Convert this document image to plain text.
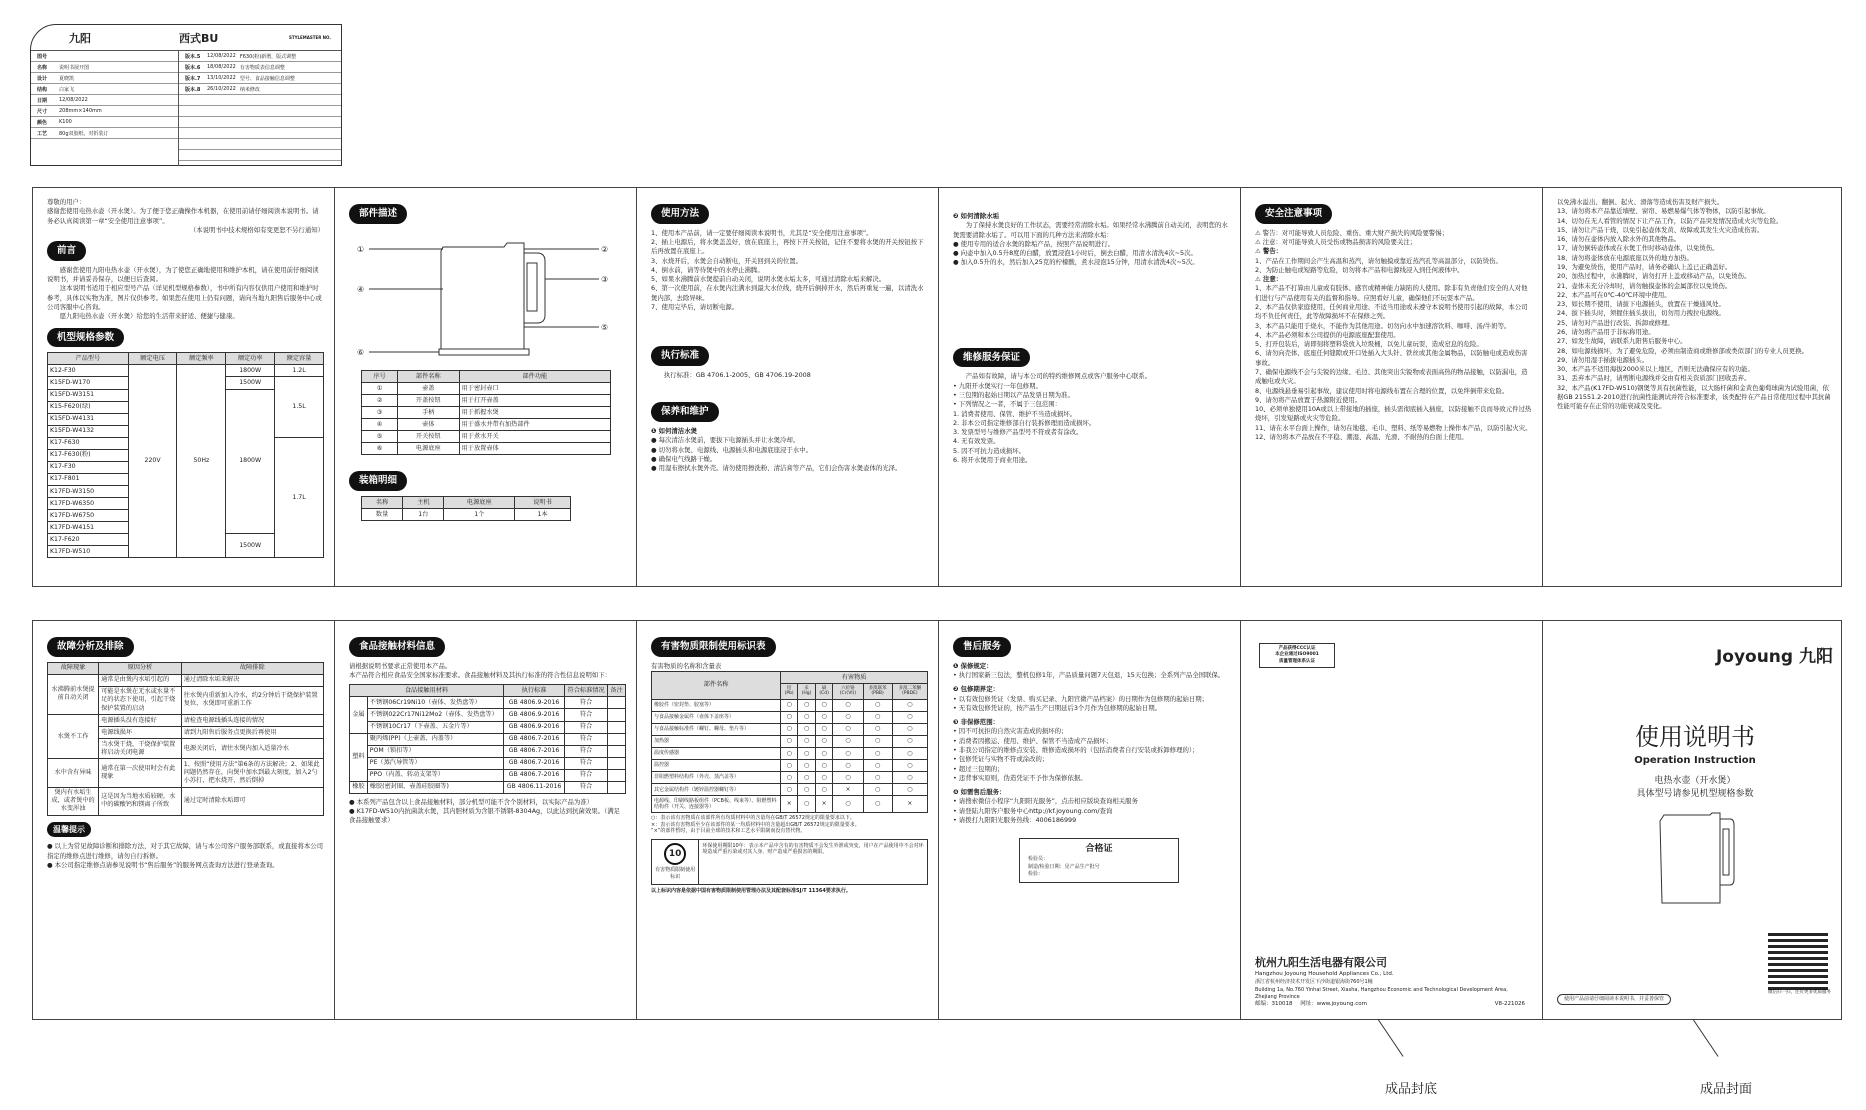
九阳	西式BU	STYLEMASTER NO.
图号
名称	说明书展开图
设计	夏晓凯
结构	白家飞
日期	12/08/2022
尺寸	208mm×140mm
颜色	K100
工艺	80g双胶纸，对折装订
版本.5	12/08/2022 F630(粉)新增，版式调整
版本.6	18/08/2022 有害物质表信息调整
版本.7	13/10/2022 型号、食品接触信息调整
版本.8	26/10/2022 纳米修改

尊敬的用户：

感谢您使用电热水壶（开水煲）。为了便于您正确操作本机器，在使用前请仔细阅读本说明书。请务必认真阅读第一章“安全使用注意事项”。

（本说明书中技术规格如有变更恕不另行通知）

前言

感谢您使用九阳电热水壶（开水煲），为了使您正确地使用和维护本机，请在使用前仔细阅读说明书，并请妥善保存，以便日后查阅。

这本说明书适用于相应型号产品（详见机型规格参数），书中所有内容仅供用户使用和维护时参考，具体以实物为准，图片仅供参考。如果您在使用上仍有问题，请向当地九阳售后服务中心或公司客服中心咨询。

愿九阳电热水壶（开水煲）给您的生活带来舒适、便捷与健康。

机型规格参数
产品型号	额定电压	额定频率	额定功率	额定容量
K12-F30	220V	50Hz	1800W	1.2L
K15FD-W170			1500W	1.5L
K15FD-W3151			1800W	
K15-F620(绿)				
K15FD-W4131				
K15FD-W4132				
K17-F630				1.7L
K17-F630(粉)				
K17-F30				
K17-F801				
K17FD-W3150				
K17FD-W6350				
K17FD-W6750				
K17FD-W4151				
K17-F620			1500W	
K17FD-W510				
部件描述
①	②
③
④
⑤
⑥
序号	部件名称	部件功能
①	壶盖	用于密封壶口
②	开盖按钮	用于打开壶盖
③	手柄	用于抓握水煲
④	壶体	用于盛水并带有加热部件
⑤	开关按钮	用于煮水开关
⑥	电源底座	用于放置壶体
装箱明细
名称	主机	电源底座	说明书
数量	1台	1个	1本
使用方法

1、使用本产品前，请一定要仔细阅读本说明书，尤其是“安全使用注意事项”。

2、插上电源后，将水煲盖盖好，放在底座上，再按下开关按钮，记住不要将水煲的开关按钮按下后再放置在底座上。

3、水烧开后，水煲会自动断电，开关回到关的位置。

4、倒水前，请等待煲中的水停止沸腾。

5、如果水沸腾前水煲提前自动关闭，说明水煲水垢太多，可通过清除水垢来解决。

6、第一次使用前，在水煲内注满水到最大水位线，烧开后倒掉开水，然后再重复一遍，以清洗水煲内部，去除异味。

7、使用完毕后，请切断电源。

执行标准

执行标准：GB 4706.1-2005、GB 4706.19-2008

保养和维护

❶ 如何清洁水煲

● 每次清洁水煲前，要拔下电源插头并让水煲冷却。

● 切勿将水煲、电源线、电源插头和电源底座浸于水中。

● 确保电气线路干燥。

● 用湿布擦拭水煲外壳。请勿使用擦洗粉、清洁膏等产品，它们会伤害水煲壶体的光泽。

❷ 如何清除水垢

为了保持水煲良好的工作状态，需要经常清除水垢。如果经常水沸腾前自动关闭，表明您的水煲需要清除水垢了。可以用下面的几种方法来清除水垢：

● 使用专用的适合水煲的除垢产品，按照产品说明进行。

● 向壶中加入0.5升8度的白醋，放置浸泡1小时后，倒去白醋，用清水清洗4次~5次。

● 加入0.5升的水，然后加入25克的柠檬酸，煮水浸泡15分钟，用清水清洗4次~5次。

维修服务保证

产品如有故障，请与本公司的特约维修网点或客户服务中心联系。

• 九阳开水煲实行一年包修期。

• 三包期的起始日期以产品发票日期为准。

• 下列情况之一者，不属于三包范围：

1. 消费者使用、保管、维护不当造成损坏。

2. 非本公司指定维修部自行装拆修理而造成损坏。

3. 发票型号与维修产品型号不符或者有涂改。

4. 无有效发票。

5. 因不可抗力造成损坏。

6. 将开水煲用于商业用途。

安全注意事项

⚠ 警告：对可能导致人员危险、重伤、重大财产损失的风险要警惕；

⚠ 注意：对可能导致人员受伤或物品损害的风险要关注；

⚠ 警告：

1、产品在工作期间会产生高温和蒸汽，请勿触摸或靠近蒸汽孔等高温部分，以防烫伤。

2、为防止触电或短路等危险，切勿将本产品和电源线浸入到任何液体中。

⚠ 注意：

1、本产品不打算由儿童或有肢体、感官或精神能力缺陷的人使用。除非有负责他们安全的人对他们进行与产品使用有关的监督和指导。应照看好儿童，确保他们不玩耍本产品。

2、本产品仅供家庭使用，任何商业用途、不适当用途或未遵守本说明书使用引起的故障，本公司均不负任何责任，此等故障损坏不在保修之列。

3、本产品只能用于烧水，不能作为其他用途。切勿向水中加速溶饮料、咖啡、汤/牛奶等。

4、本产品必须和本公司提供的电源底座配套使用。

5、打开包装后，请即刻将塑料袋放入垃圾桶，以免儿童玩耍，造成窒息的危险。

6、请勿向壳体、底座任何缝隙或开口处插入大头针、铁丝或其他金属物品，以防触电或造成伤害事故。

7、确保电源线不会与尖锐的边缘、毛边、其他突出尖锐物或表面高热的物品接触，以防漏电，造成触电或火灾。

8、电源线悬垂易引起事故，建议使用时将电源线布置在合理的位置，以免绊倒带来危险。

9、请勿将产品放置于热源附近使用。

10、必须单独使用10A或以上带接地的插座，插头需彻底插入插座，以防接触不良而导致元件过热烧坏，引发短路或火灾等危险。

11、请在水平台面上操作，请勿在地毯、毛巾、塑料、纸等易燃物上操作本产品，以防引起火灾。

12、请勿将本产品放在不平稳、潮湿、高温、光滑、不耐热的台面上使用。

以免沸水溢出、翻倒、起火、滑落等造成伤害及财产损失。

13、请勿将本产品靠近墙壁、窗帘、易燃易爆气体等物体，以防引起事故。

14、切勿在无人看管的情况下让产品工作，以防产品突发情况造成火灾等危险。

15、请勿让产品干烧，以免引起壶体发黄、故障或其发生火灾造成伤害。

16、请勿在壶体内放入除水外的其他物品。

17、请勿倒转壶体或在水煲工作时移动壶体，以免烫伤。

18、请勿将壶体放在电源底座以外的地方加热。

19、为避免烫伤，使用产品时，请务必确认上盖已正确盖好。

20、加热过程中，水沸腾时，请勿打开上盖或移动产品，以免烫伤。

21、壶体未充分冷却时，请勿触摸壶体的金属部位以免烫伤。

22、本产品可在0℃-40℃环境中使用。

23、如长期不使用，请拔下电源插头，放置在干燥通风处。

24、拔下插头时，须握住插头拔出，切勿用力拽拉电源线。

25、请勿对产品进行改装、拆卸或修理。

26、请勿将产品用于非标称用途。

27、如发生故障，请联系九阳售后服务中心。

28、如电源线损坏，为了避免危险，必须由制造商或维修部或类似部门的专业人员更换。

29、请勿用湿手插拔电源插头。

30、本产品不适用海拔2000米以上地区，否则无法确保应有的功能。

31、丢弃本产品时，请剪断电源线并交由有相关资质部门回收丢弃。

32、本产品(K17FD-W510)钢煲等具有抗菌性能，以大肠杆菌和金黄色葡萄球菌为试验用菌，依据GB 21551.2-2010进行抗菌性能测试并符合标准要求，该类配件在产品日常使用过程中其抗菌性能可能存在正常的功能衰减及变化。

故障分析及排除
故障现象	原因分析	故障排除
水沸腾前水煲提前自动关闭	通常是由煲内水垢引起的	通过清除水垢来解决
	可能是水煲在无水或水量不足的状态下使用，引起干烧保护装置的启动	往水煲内重新加入冷水，约2分钟后干烧保护装置复位，水煲即可重新工作
水煲不工作	电源插头没有连接好	请检查电源线插头连接的情况
	电源线损坏	请到九阳售后服务点更换后再使用
	当水煲干烧，干烧保护装置将启动关闭电源	电源关闭后，请往水煲内加入适量冷水
水中含有异味	通常在第一次使用时会有此现象	1、按照“使用方法”第6条的方法解决；2、如果此问题仍然存在，向煲中加水到最大刻度，加入2勺小苏打，把水烧开，然后倒掉
煲内有水垢生成，或者煲中的水变浑浊	这是因为当地水质较硬，水中的碳酸钙和镁离子所致	通过定时清除水垢即可
温馨提示

● 以上为常见故障诊断和排除方法，对于其它故障，请与本公司客户服务部联系，或直接将本公司指定的维修点进行维修，请勿自行拆修。

● 本公司指定维修点请参见说明书“售后服务”的服务网点查询方法进行登录查询。

食品接触材料信息

请根据说明书要求正常使用本产品。

本产品符合相应食品安全国家标准要求。食品接触材料及其执行标准的符合性信息说明如下：

食品接触用材料		执行标准	符合标准情况	备注
金属	不锈钢06Cr19Ni10（壶体、发热盘等）	GB 4806.9-2016	符合	
	不锈钢022Cr17Ni12Mo2（壶体、发热盘等）	GB 4806.9-2016	符合	
	不锈钢10Cr17（下壶盖、五金片等）	GB 4806.9-2016	符合	
塑料	聚丙烯(PP)（上壶盖、内盖等）	GB 4806.7-2016	符合	
	POM（锁扣等）	GB 4806.7-2016	符合	
	PE（蒸汽导管等）	GB 4806.7-2016	符合	
	PPO（内盖、转动支架等）	GB 4806.7-2016	符合	
橡胶	橡胶(密封圈、壶盖硅胶圈等)	GB 4806.11-2016	符合	

● 本系列产品包含以上食品接触材料，部分机型可能不含个别材料，以实际产品为准）

● K17FD-W510内抗菌款水煲，其内胆材质为含银不锈钢-8304Ag，以此达到抗菌效果。（满足食品接触要求）

有害物质限制使用标识表

有害物质的名称和含量表

部件名称	有害物质					
	铅(Pb)	汞(Hg)	镉(Cd)	六价铬(Cr(VI))	多溴联苯(PBB)	多溴二苯醚(PBDE)
橡胶件（密封垫、胶塞等）	○	○	○	○	○	○
与食品接触金属件（壶体下盖座等）	○	○	○	○	○	○
与食品接触标准件（螺钉、螺母、垫片等）	○	○	○	○	○	○
加热器	○	○	○	○	○	○
温度传感器	○	○	○	○	○	○
温控器	○	○	○	○	○	○
非阻燃塑料结构件（外壳、蒸汽盖等）	○	○	○	○	○	○
其它金属结构件（镀锌温控器螺钉等）	○	○	○	×	○	○
电源线、印刷线路板组件（PCB板、线束等）、阻燃塑料结构件（开关、连接器等）	×	○	×	○	○	×

○：表示该有害物质在该部件所有均质材料中的含量均在GB/T 26572规定的限量要求以下。

×：表示该有害物质至少在该部件的某一均质材料中的含量超出GB/T 26572规定的限量要求。

“×”的部件暂时，由于目前全球的技术和工艺水平限制而没有替代物。

10
有害物质限制使用标识

环保使用期限10年：表示本产品中含有的有害物质不会发生外泄或突变，用户在产品使用中不会对环境造成严重污染或对其人身、财产造成严重损害的期限。

以上标识内容是依据中国有害物质限制使用管理办法及其配套标准SJ/T 11364要求执行。

售后服务

❶ 保修规定：

• 执行国家新三包法，整机包修1年，产品质量问题7天包退，15天包换；全系列产品全国联保。

❷ 包修期界定：

• 以有效包修凭证（发票、购买记录、九阳官微产品档案）的日期作为包修期的起始日期；

• 无有效包修凭证的，按产品生产日期延后3个月作为包修期的起始日期。

❸ 非保修范围：

• 因不可抗拒的自然灾害造成的损坏的；

• 消费者因搬运、使用、维护、保管不当造成产品损坏；

• 非我公司指定的维修点安装、维修造成损坏的（包括消费者自行安装或拆卸修理的）；

• 包修凭证与实物不符或涂改的；

• 超过三包期的；

• 违背事实原则，伪造凭证不予作为保修依据。

❹ 如需售后服务：

• 请搜索微信小程序“九阳阳光服务”，点击相应版块查询相关服务

• 请登陆九阳客户服务中心http://kf.joyoung.com/查询

• 请拨打九阳阳光服务热线：4006186999

合格证

检验员：

制造/检验日期：见产品生产批号

检验：

产品获得CCC认证

本企业通过ISO9001

质量管理体系认证

杭州九阳生活电器有限公司

Hangzhou Joyoung Household Appliances Co., Ltd.

浙江省杭州经济技术开发区下沙街道银海街760号1幢

Building 1a, No.760 Yinhai Street, Xiasha, Hangzhou Economic and Technological Development Area, Zhejiang Province

邮编：310018 网址：www.joyoung.com	V8-221026

Joyoung 九阳

使用说明书

Operation Instruction

电热水壶（开水煲）

具体型号请参见机型规格参数

微信扫一扫，还有更多优质服务
使用产品前请仔细阅读本说明书，并妥善保管
成品封底	成品封面
